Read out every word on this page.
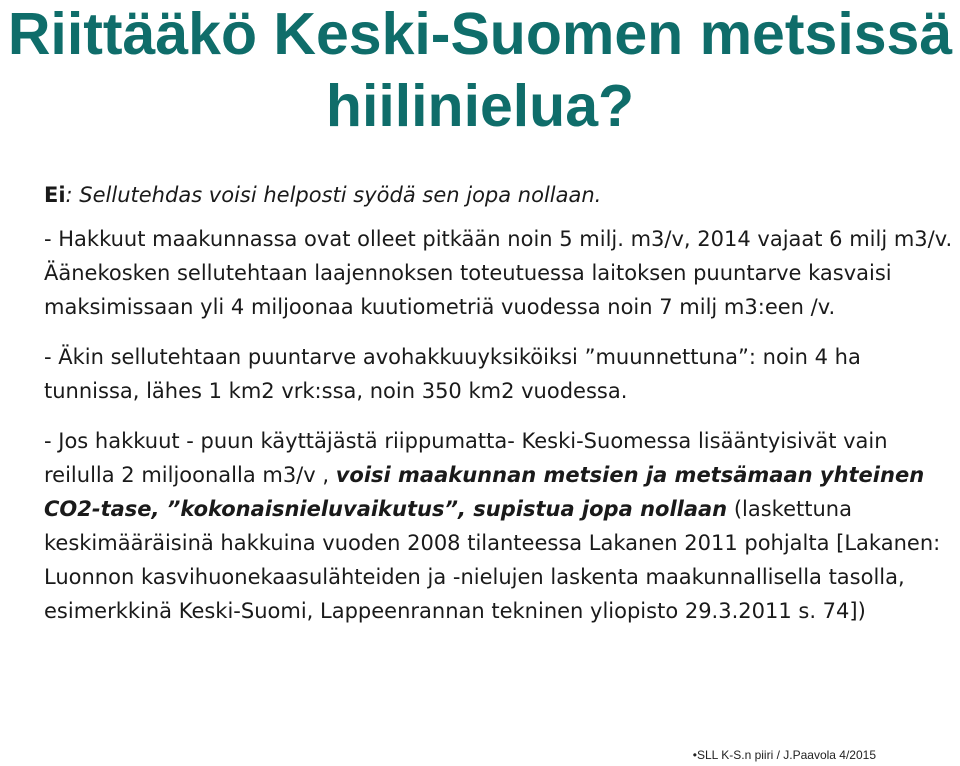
Riittääkö Keski-Suomen metsissä
hiilinielua?

Ei: Sellutehdas voisi helposti syödä sen jopa nollaan.

- Hakkuut maakunnassa ovat olleet pitkään noin 5 milj. m3/v, 2014 vajaat 6 milj m3/v. Äänekosken sellutehtaan laajennoksen toteutuessa laitoksen puuntarve kasvaisi maksimissaan yli 4 miljoonaa kuutiometriä vuodessa noin 7 milj m3:een /v.

- Äkin sellutehtaan puuntarve avohakkuuyksiköiksi ”muunnettuna”: noin 4 ha tunnissa, lähes 1 km2 vrk:ssa, noin 350 km2 vuodessa.

- Jos hakkuut - puun käyttäjästä riippumatta- Keski-Suomessa lisääntyisivät vain reilulla 2 miljoonalla m3/v , voisi maakunnan metsien ja metsämaan yhteinen CO2-tase, ”kokonaisnieluvaikutus”, supistua jopa nollaan (laskettuna keskimääräisinä hakkuina vuoden 2008 tilanteessa Lakanen 2011 pohjalta [Lakanen: Luonnon kasvihuonekaasulähteiden ja -nielujen laskenta maakunnallisella tasolla, esimerkkinä Keski-Suomi, Lappeenrannan tekninen yliopisto 29.3.2011 s. 74])

•SLL K-S.n piiri / J.Paavola 4/2015
